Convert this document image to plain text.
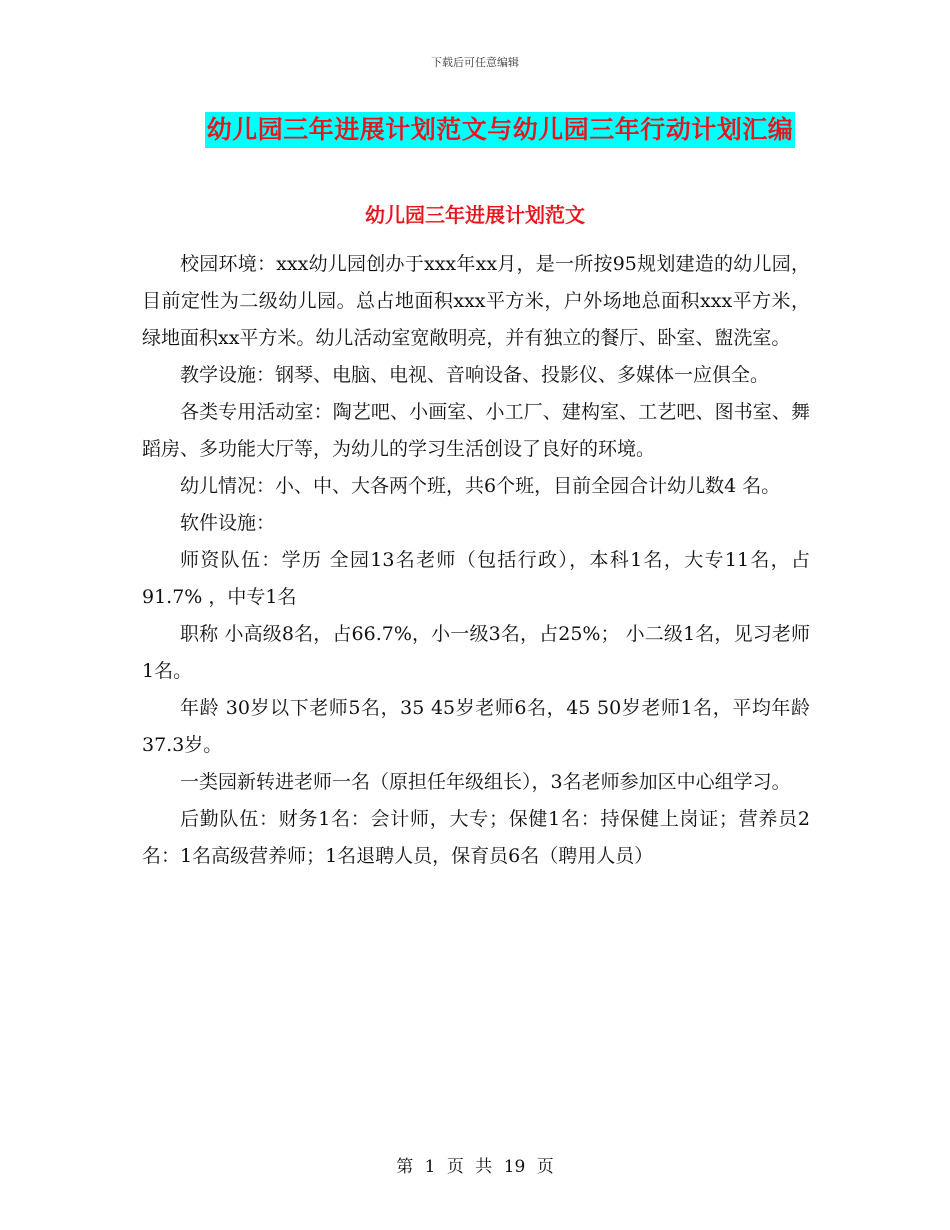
下载后可任意编辑
幼儿园三年进展计划范文与幼儿园三年行动计划汇编
幼儿园三年进展计划范文

校园环境：xxx幼儿园创办于xxx年xx月，是一所按95规划建造的幼儿园，目前定性为二级幼儿园。总占地面积xxx平方米，户外场地总面积xxx平方米，绿地面积xx平方米。幼儿活动室宽敞明亮，并有独立的餐厅、卧室、盥洗室。

教学设施：钢琴、电脑、电视、音响设备、投影仪、多媒体一应俱全。

各类专用活动室：陶艺吧、小画室、小工厂、建构室、工艺吧、图书室、舞蹈房、多功能大厅等，为幼儿的学习生活创设了良好的环境。

幼儿情况：小、中、大各两个班，共6个班，目前全园合计幼儿数4 名。

软件设施：

师资队伍：学历 全园13名老师（包括行政），本科1名，大专11名，占91.7% ，中专1名

职称 小高级8名，占66.7%，小一级3名，占25%； 小二级1名，见习老师1名。

年龄 30岁以下老师5名，35 45岁老师6名，45 50岁老师1名，平均年龄37.3岁。

一类园新转进老师一名（原担任年级组长），3名老师参加区中心组学习。

后勤队伍：财务1名：会计师，大专；保健1名：持保健上岗证；营养员2名：1名高级营养师；1名退聘人员，保育员6名（聘用人员）

第 1 页 共 19 页
